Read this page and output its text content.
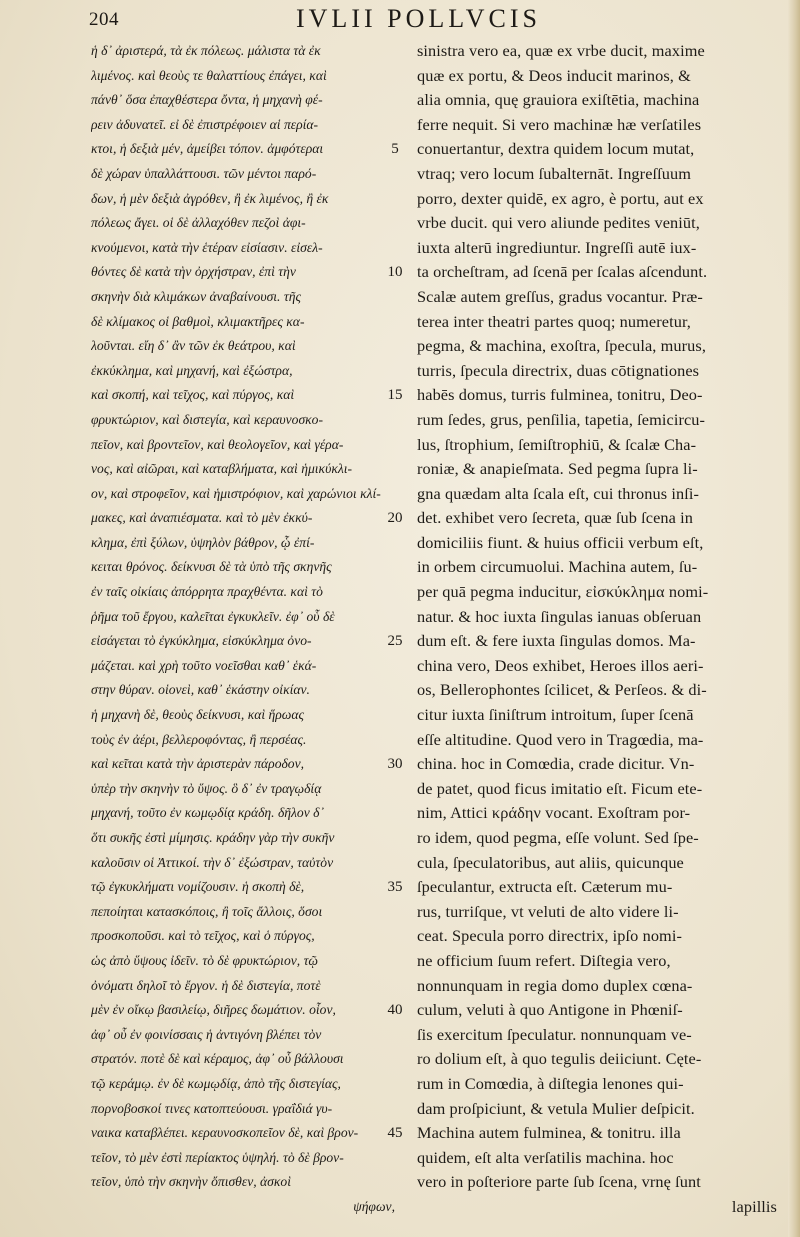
204	IVLII POLLVCIS
ἡ δ᾽ ἀριστερά, τὰ ἐκ πόλεως. μάλιστα τὰ ἐκ
λιμένος. καὶ θεοὺς τε θαλαττίους ἐπάγει, καὶ
πάνθ᾽ ὅσα ἐπαχθέστερα ὄντα, ἡ μηχανὴ φέ-
ρειν ἀδυνατεῖ. εἰ δὲ ἐπιστρέφοιεν αἱ περία-
κτοι, ἡ δεξιὰ μέν, ἀμείβει τόπον. ἀμφότεραι
δὲ χώραν ὑπαλλάττουσι. τῶν μέντοι παρό-
δων, ἡ μὲν δεξιὰ ἀγρόθεν, ἢ ἐκ λιμένος, ἢ ἐκ
πόλεως ἄγει. οἱ δὲ ἀλλαχόθεν πεζοὶ ἀφι-
κνούμενοι, κατὰ τὴν ἑτέραν εἰσίασιν. εἰσελ-
θόντες δὲ κατὰ τὴν ὀρχήστραν, ἐπὶ τὴν
σκηνὴν διὰ κλιμάκων ἀναβαίνουσι. τῆς
δὲ κλίμακος οἱ βαθμοὶ, κλιμακτῆρες κα-
λοῦνται. εἴη δ᾽ ἂν τῶν ἐκ θεάτρου, καὶ
ἐκκύκλημα, καὶ μηχανή, καὶ ἐξώστρα,
καὶ σκοπή, καὶ τεῖχος, καὶ πύργος, καὶ
φρυκτώριον, καὶ διστεγία, καὶ κεραυνοσκο-
πεῖον, καὶ βροντεῖον, καὶ θεολογεῖον, καὶ γέρα-
νος, καὶ αἰῶραι, καὶ καταβλήματα, καὶ ἡμικύκλι-
ον, καὶ στροφεῖον, καὶ ἡμιστρόφιον, καὶ χαρώνιοι κλί-
μακες, καὶ ἀναπιέσματα. καὶ τὸ μὲν ἐκκύ-
κλημα, ἐπὶ ξύλων, ὑψηλὸν βάθρον, ᾧ ἐπί-
κειται θρόνος. δείκνυσι δὲ τὰ ὑπὸ τῆς σκηνῆς
ἐν ταῖς οἰκίαις ἀπόρρητα πραχθέντα. καὶ τὸ
ῥῆμα τοῦ ἔργου, καλεῖται ἐγκυκλεῖν. ἐφ᾽ οὗ δὲ
εἰσάγεται τὸ ἐγκύκλημα, εἰσκύκλημα ὀνο-
μάζεται. καὶ χρὴ τοῦτο νοεῖσθαι καθ᾽ ἑκά-
στην θύραν. οἱονεὶ, καθ᾽ ἑκάστην οἰκίαν.
ἡ μηχανὴ δὲ, θεοὺς δείκνυσι, καὶ ἥρωας
τοὺς ἐν ἀέρι, βελλεροφόντας, ἢ περσέας.
καὶ κεῖται κατὰ τὴν ἀριστερὰν πάροδον,
ὑπὲρ τὴν σκηνὴν τὸ ὕψος. ὃ δ᾽ ἐν τραγῳδίᾳ
μηχανή, τοῦτο ἐν κωμῳδίᾳ κράδη. δῆλον δ᾽
ὅτι συκῆς ἐστὶ μίμησις. κράδην γὰρ τὴν συκῆν
καλοῦσιν οἱ Ἀττικοί. τὴν δ᾽ ἐξώστραν, ταὐτὸν
τῷ ἐγκυκλήματι νομίζουσιν. ἡ σκοπὴ δὲ,
πεποίηται κατασκόποις, ἢ τοῖς ἄλλοις, ὅσοι
προσκοποῦσι. καὶ τὸ τεῖχος, καὶ ὁ πύργος,
ὡς ἀπὸ ὕψους ἰδεῖν. τὸ δὲ φρυκτώριον, τῷ
ὀνόματι δηλοῖ τὸ ἔργον. ἡ δὲ διστεγία, ποτὲ
μὲν ἐν οἴκῳ βασιλείῳ, διῆρες δωμάτιον. οἷον,
ἀφ᾽ οὗ ἐν φοινίσσαις ἡ ἀντιγόνη βλέπει τὸν
στρατόν. ποτὲ δὲ καὶ κέραμος, ἀφ᾽ οὗ βάλλουσι
τῷ κεράμῳ. ἐν δὲ κωμῳδίᾳ, ἀπὸ τῆς διστεγίας,
πορνοβοσκοί τινες κατοπτεύουσι. γραΐδιά γυ-
ναικα καταβλέπει. κεραυνοσκοπεῖον δὲ, καὶ βρον-
τεῖον, τὸ μὲν ἐστὶ περίακτος ὑψηλή. τὸ δὲ βρον-
τεῖον, ὑπὸ τὴν σκηνὴν ὄπισθεν, ἀσκοὶ
ψήφων,
sinistra vero ea, quæ ex vrbe ducit, maxime
quæ ex portu, & Deos inducit marinos, &
alia omnia, quę grauiora exiſtētia, machina
ferre nequit. Si vero machinæ hæ verſatiles
conuertantur, dextra quidem locum mutat,
vtraq; vero locum ſubalternāt. Ingreſſuum
porro, dexter quidē, ex agro, è portu, aut ex
vrbe ducit. qui vero aliunde pedites veniūt,
iuxta alterū ingrediuntur. Ingreſſi autē iux-
ta orcheſtram, ad ſcenā per ſcalas aſcendunt.
Scalæ autem greſſus, gradus vocantur. Præ-
terea inter theatri partes quoq; numeretur,
pegma, & machina, exoſtra, ſpecula, murus,
turris, ſpecula directrix, duas cōtignationes
habēs domus, turris fulminea, tonitru, Deo-
rum ſedes, grus, penſilia, tapetia, ſemicircu-
lus, ſtrophium, ſemiſtrophiū, & ſcalæ Cha-
roniæ, & anapieſmata. Sed pegma ſupra li-
gna quædam alta ſcala eſt, cui thronus inſi-
det. exhibet vero ſecreta, quæ ſub ſcena in
domiciliis fiunt. & huius officii verbum eſt,
in orbem circumuolui. Machina autem, ſu-
per quā pegma inducitur, εἰσκύκλημα nomi-
natur. & hoc iuxta ſingulas ianuas obſeruan
dum eſt. & fere iuxta ſingulas domos. Ma-
china vero, Deos exhibet, Heroes illos aeri-
os, Bellerophontes ſcilicet, & Perſeos. & di-
citur iuxta ſiniſtrum introitum, ſuper ſcenā
eſſe altitudine. Quod vero in Tragœdia, ma-
china. hoc in Comœdia, crade dicitur. Vn-
de patet, quod ficus imitatio eſt. Ficum ete-
nim, Attici κράδην vocant. Exoſtram por-
ro idem, quod pegma, eſſe volunt. Sed ſpe-
cula, ſpeculatoribus, aut aliis, quicunque
ſpeculantur, extructa eſt. Cæterum mu-
rus, turriſque, vt veluti de alto videre li-
ceat. Specula porro directrix, ipſo nomi-
ne officium ſuum refert. Diſtegia vero,
nonnunquam in regia domo duplex cœna-
culum, veluti à quo Antigone in Phœniſ-
ſis exercitum ſpeculatur. nonnunquam ve-
ro dolium eſt, à quo tegulis deiiciunt. Cęte-
rum in Comœdia, à diſtegia lenones qui-
dam proſpiciunt, & vetula Mulier deſpicit.
Machina autem fulminea, & tonitru. illa
quidem, eſt alta verſatilis machina. hoc
vero in poſteriore parte ſub ſcena, vrnę ſunt
lapillis
5
10
15
20
25
30
35
40
45
